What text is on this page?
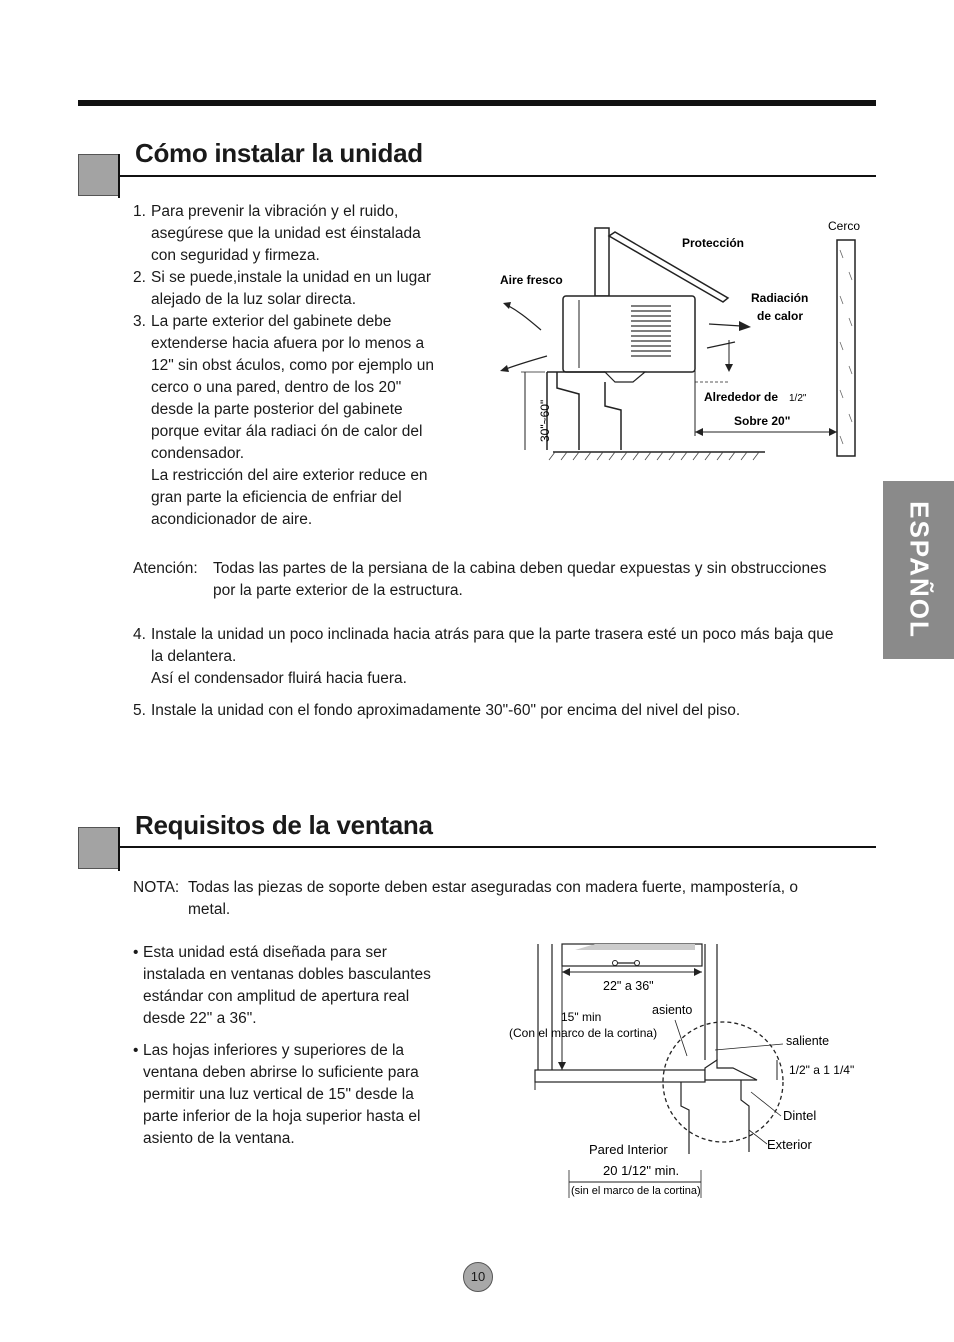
Cómo instalar la unidad
1. Para prevenir la vibración y el ruido,
asegúrese que la unidad est éinstalada
con seguridad y firmeza.
2. Si se puede,instale la unidad en un lugar
alejado de la luz solar directa.
3. La parte exterior del gabinete debe
extenderse hacia afuera por lo menos a
12" sin obst áculos, como por ejemplo un
cerco o una pared, dentro de los 20"
desde la parte posterior del gabinete
porque evitar ála radiaci ón de calor del
condensador.
La restricción del aire exterior reduce en
gran parte la eficiencia de enfriar del
acondicionador de aire.
Cerco
Protección
30"~60"
Aire fresco
Radiación
de calor
Alrededor de 1/2"
Sobre 20"
Atención: Todas las partes de la persiana de la cabina deben quedar expuestas y sin obstrucciones
por la parte exterior de la estructura.
4. Instale la unidad un poco inclinada hacia atrás para que la parte trasera esté un poco más baja que
la delantera.
Así el condensador fluirá hacia fuera.
5. Instale la unidad con el fondo aproximadamente 30"-60" por encima del nivel del piso.
ESPAÑOL
Requisitos de la ventana
NOTA: Todas las piezas de soporte deben estar aseguradas con madera fuerte, mampostería, o
metal.
• Esta unidad está diseñada para ser
instalada en ventanas dobles basculantes
estándar con amplitud de apertura real
desde 22" a 36".
• Las hojas inferiores y superiores de la
ventana deben abrirse lo suficiente para
permitir una luz vertical de 15" desde la
parte inferior de la hoja superior hasta el
asiento de la ventana.
22" a 36"
15" min
(Con el marco de la cortina)
asiento
saliente
1/2" a 1 1/4"
Dintel
Exterior
Pared Interior
20 1/12" min.
(sin el marco de la cortina)
10
